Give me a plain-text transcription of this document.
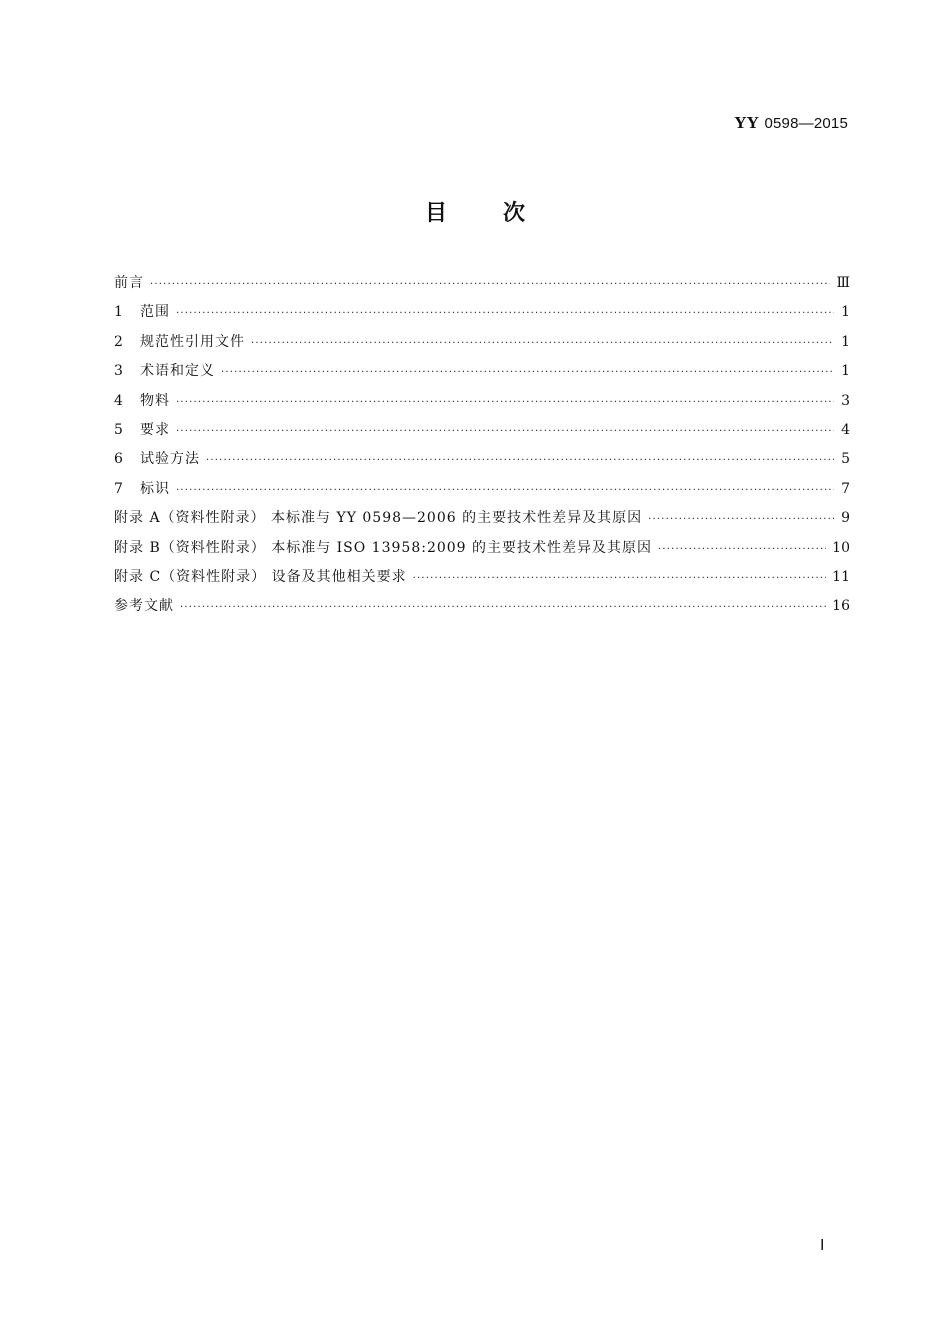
YY 0598—2015
目	次
前言 ·····	Ⅲ
1	范围 ·····	1
2	规范性引用文件 ·····	1
3	术语和定义 ·····	1
4	物料 ·····	3
5	要求 ·····	4
6	试验方法 ·····	5
7	标识 ·····	7
附录 A（资料性附录） 本标准与 YY 0598—2006 的主要技术性差异及其原因 ·····	9
附录 B（资料性附录） 本标准与 ISO 13958:2009 的主要技术性差异及其原因 ·····	10
附录 C（资料性附录） 设备及其他相关要求 ·····	11
参考文献 ·····	16
Ⅰ
